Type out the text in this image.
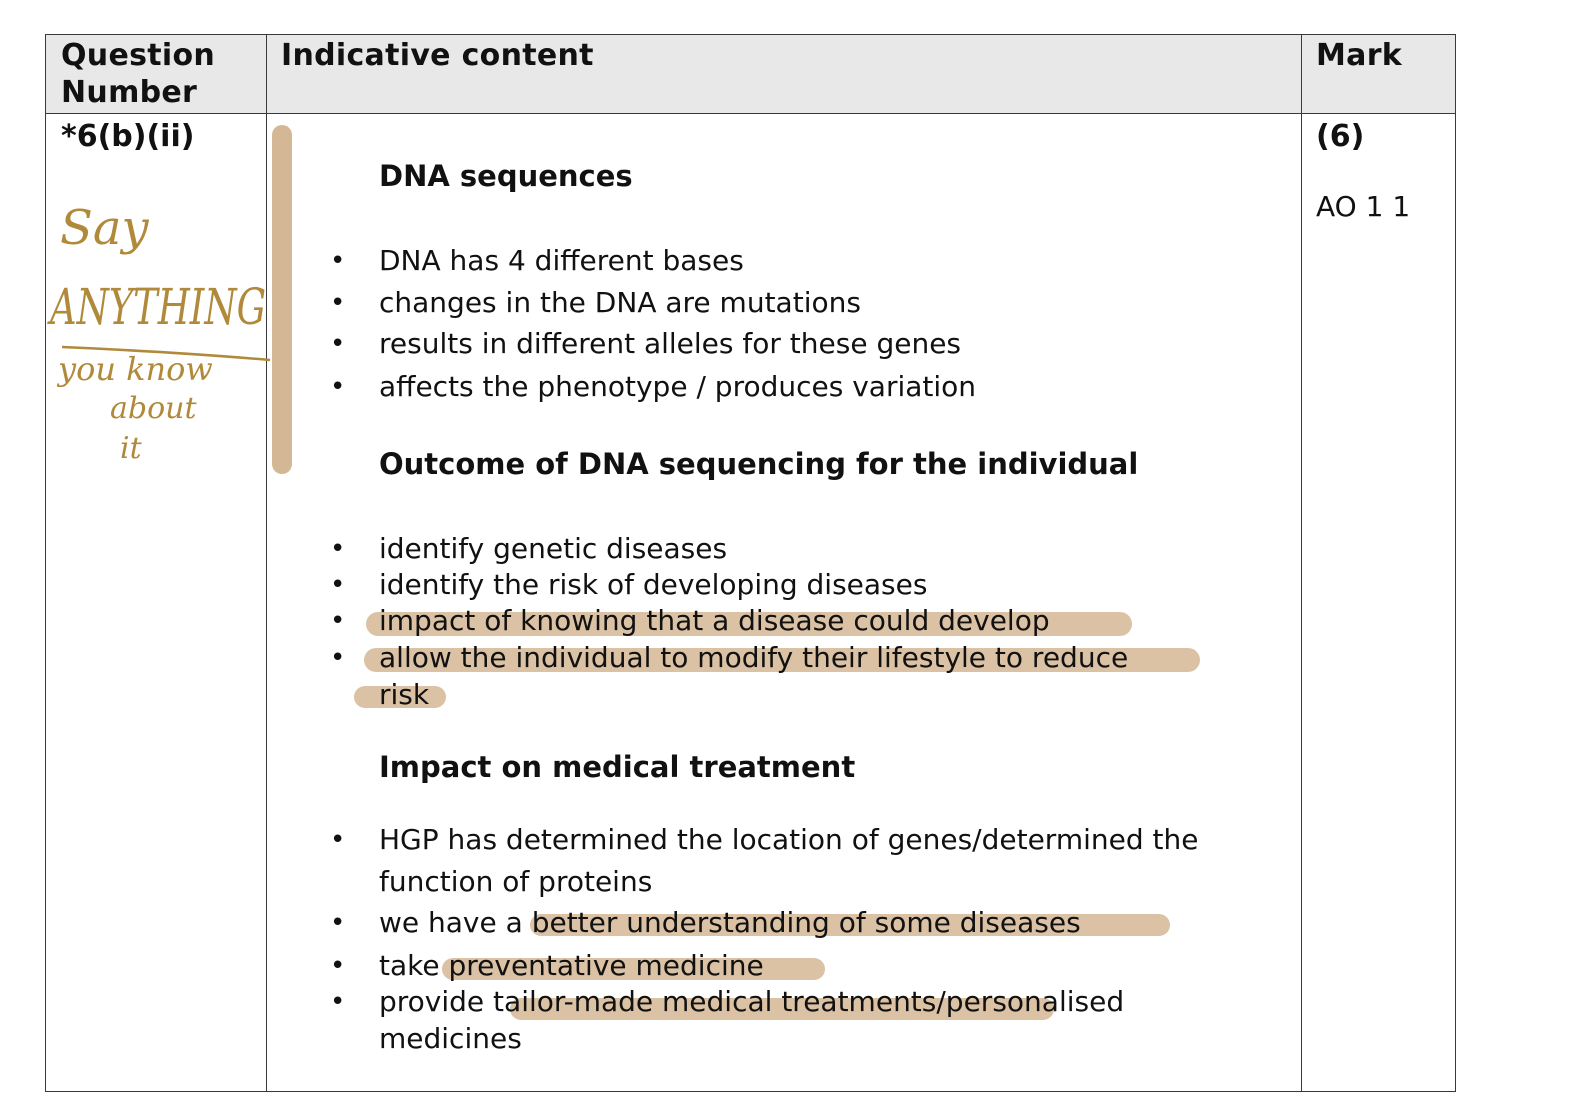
Question Number
Indicative content	Mark
*6(b)(ii)	(6)
AO 1 1
DNA sequences
• DNA has 4 different bases
• changes in the DNA are mutations
• results in different alleles for these genes
• affects the phenotype / produces variation
Outcome of DNA sequencing for the individual
• identify genetic diseases
• identify the risk of developing diseases
• impact of knowing that a disease could develop
• allow the individual to modify their lifestyle to reduce
risk
Impact on medical treatment
• HGP has determined the location of genes/determined the
function of proteins
• we have a better understanding of some diseases
• take preventative medicine
• provide tailor-made medical treatments/personalised
medicines
Say
ANYTHING
you know
about
it
